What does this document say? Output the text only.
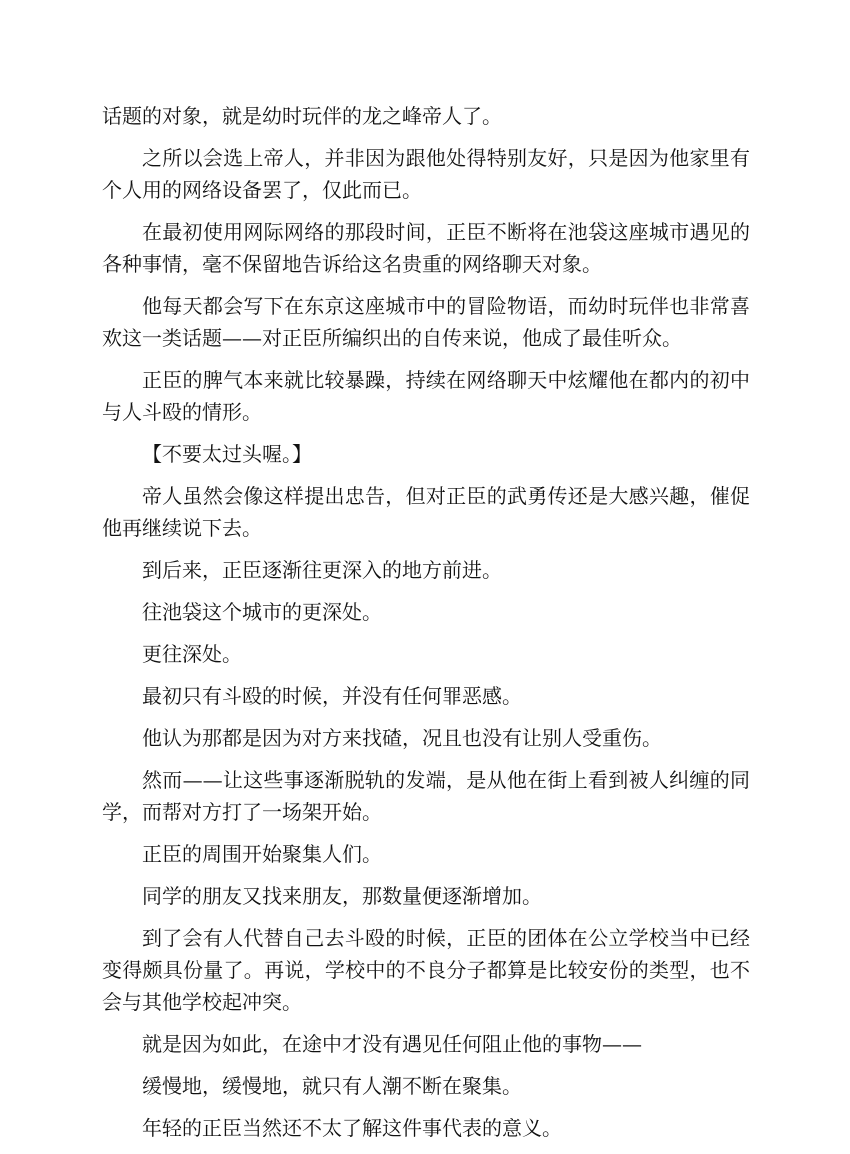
话题的对象，就是幼时玩伴的龙之峰帝人了。

之所以会选上帝人，并非因为跟他处得特别友好，只是因为他家里有个人用的网络设备罢了，仅此而已。

在最初使用网际网络的那段时间，正臣不断将在池袋这座城市遇见的各种事情，毫不保留地告诉给这名贵重的网络聊天对象。

他每天都会写下在东京这座城市中的冒险物语，而幼时玩伴也非常喜欢这一类话题——对正臣所编织出的自传来说，他成了最佳听众。

正臣的脾气本来就比较暴躁，持续在网络聊天中炫耀他在都内的初中与人斗殴的情形。

【不要太过头喔。】

帝人虽然会像这样提出忠告，但对正臣的武勇传还是大感兴趣，催促他再继续说下去。

到后来，正臣逐渐往更深入的地方前进。

往池袋这个城市的更深处。

更往深处。

最初只有斗殴的时候，并没有任何罪恶感。

他认为那都是因为对方来找碴，况且也没有让别人受重伤。

然而——让这些事逐渐脱轨的发端，是从他在街上看到被人纠缠的同学，而帮对方打了一场架开始。

正臣的周围开始聚集人们。

同学的朋友又找来朋友，那数量便逐渐增加。

到了会有人代替自己去斗殴的时候，正臣的团体在公立学校当中已经变得颇具份量了。再说，学校中的不良分子都算是比较安份的类型，也不会与其他学校起冲突。

就是因为如此，在途中才没有遇见任何阻止他的事物——

缓慢地，缓慢地，就只有人潮不断在聚集。

年轻的正臣当然还不太了解这件事代表的意义。
